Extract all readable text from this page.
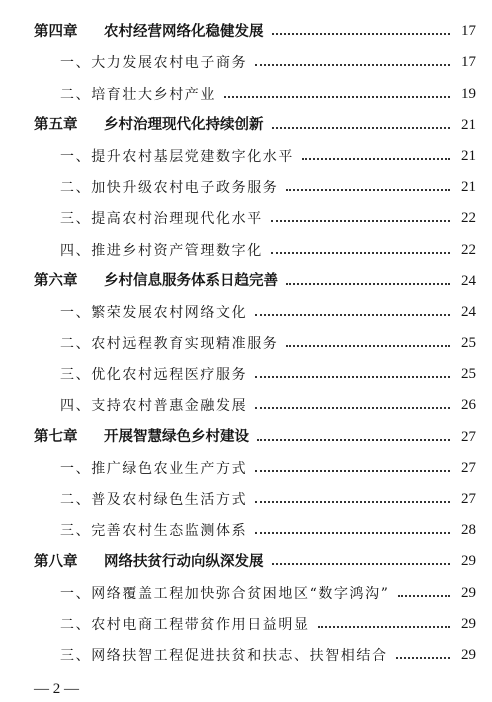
第四章 农村经营网络化稳健发展	17
一、大力发展农村电子商务	17
二、培育壮大乡村产业	19
第五章 乡村治理现代化持续创新	21
一、提升农村基层党建数字化水平	21
二、加快升级农村电子政务服务	21
三、提高农村治理现代化水平	22
四、推进乡村资产管理数字化	22
第六章 乡村信息服务体系日趋完善	24
一、繁荣发展农村网络文化	24
二、农村远程教育实现精准服务	25
三、优化农村远程医疗服务	25
四、支持农村普惠金融发展	26
第七章 开展智慧绿色乡村建设	27
一、推广绿色农业生产方式	27
二、普及农村绿色生活方式	27
三、完善农村生态监测体系	28
第八章 网络扶贫行动向纵深发展	29
一、网络覆盖工程加快弥合贫困地区“数字鸿沟”	29
二、农村电商工程带贫作用日益明显	29
三、网络扶智工程促进扶贫和扶志、扶智相结合	29
— 2 —
